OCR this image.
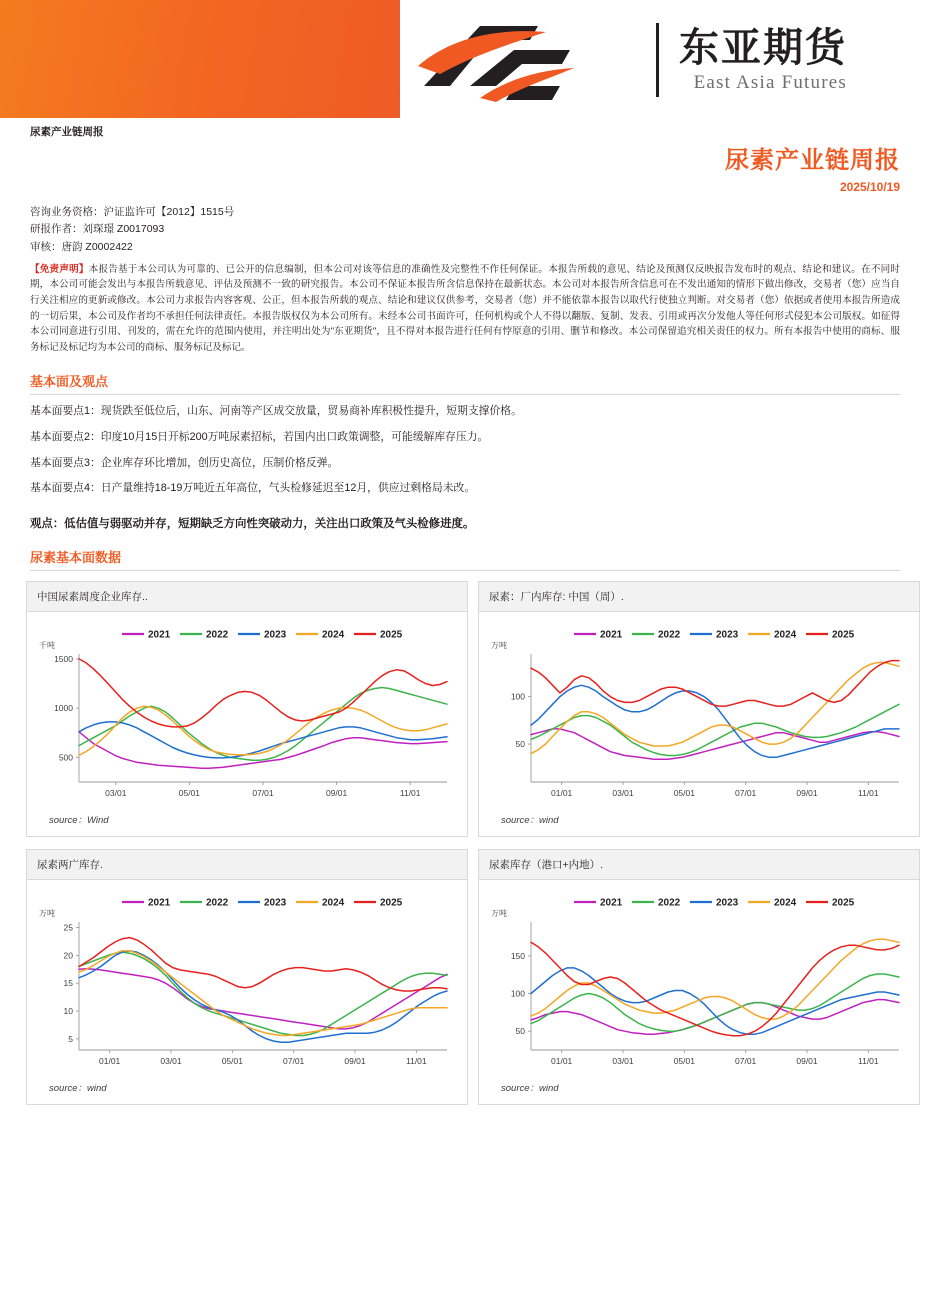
东亚期货
East Asia Futures
尿素产业链周报
尿素产业链周报
2025/10/19
咨询业务资格：沪证监许可【2012】1515号
研报作者：刘琛璟 Z0017093
审核：唐韵 Z0002422
【免责声明】本报告基于本公司认为可靠的、已公开的信息编制，但本公司对该等信息的准确性及完整性不作任何保证。本报告所载的意见、结论及预测仅反映报告发布时的观点、结论和建议。在不同时期，本公司可能会发出与本报告所载意见、评估及预测不一致的研究报告。本公司不保证本报告所含信息保持在最新状态。本公司对本报告所含信息可在不发出通知的情形下做出修改，交易者（您）应当自行关注相应的更新或修改。本公司力求报告内容客观、公正，但本报告所载的观点、结论和建议仅供参考，交易者（您）并不能依靠本报告以取代行使独立判断。对交易者（您）依据或者使用本报告所造成的一切后果，本公司及作者均不承担任何法律责任。本报告版权仅为本公司所有。未经本公司书面许可，任何机构或个人不得以翻版、复制、发表、引用或再次分发他人等任何形式侵犯本公司版权。如征得本公司同意进行引用、刊发的，需在允许的范围内使用，并注明出处为"东亚期货"，且不得对本报告进行任何有悖原意的引用、删节和修改。本公司保留追究相关责任的权力。所有本报告中使用的商标、服务标记及标记均为本公司的商标、服务标记及标记。
基本面及观点
基本面要点1：现货跌至低位后，山东、河南等产区成交放量，贸易商补库积极性提升，短期支撑价格。
基本面要点2：印度10月15日开标200万吨尿素招标，若国内出口政策调整，可能缓解库存压力。
基本面要点3：企业库存环比增加，创历史高位，压制价格反弹。
基本面要点4：日产量维持18-19万吨近五年高位，气头检修延迟至12月，供应过剩格局未改。
观点：低估值与弱驱动并存，短期缺乏方向性突破动力，关注出口政策及气头检修进度。
尿素基本面数据
中国尿素周度企业库存..
2021	2022	2023	2024	2025
千吨
500
1000
1500
03/01	05/01	07/01	09/01	11/01
source：Wind
尿素：厂内库存: 中国（周）.
2021	2022	2023	2024	2025
万吨
50
100
01/01	03/01	05/01	07/01	09/01	11/01
source：wind
尿素两广库存.
2021	2022	2023	2024	2025
万吨
5
10
15
20
25
01/01	03/01	05/01	07/01	09/01	11/01
source：wind
尿素库存（港口+内地）.
2021	2022	2023	2024	2025
万吨
50
100
150
01/01	03/01	05/01	07/01	09/01	11/01
source：wind
